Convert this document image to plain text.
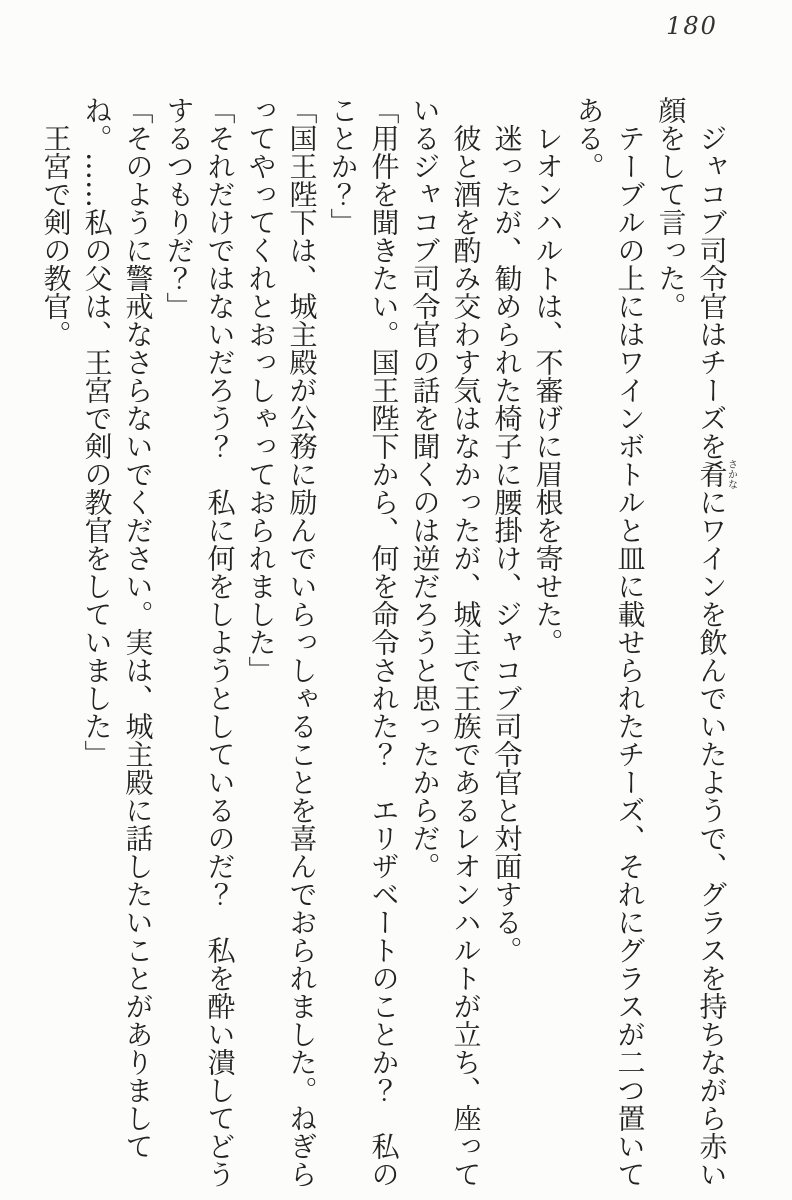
180

ジャコブ司令官はチーズを肴さかなにワインを飲んでいたようで、グラスを持ちながら赤い顔をして言った。

テーブルの上にはワインボトルと皿に載せられたチーズ、それにグラスが二つ置いてある。

レオンハルトは、不審げに眉根を寄せた。

迷ったが、勧められた椅子に腰掛け、ジャコブ司令官と対面する。

彼と酒を酌み交わす気はなかったが、城主で王族であるレオンハルトが立ち、座っているジャコブ司令官の話を聞くのは逆だろうと思ったからだ。

「用件を聞きたい。国王陛下から、何を命令された？　エリザベートのことか？　私のことか？」

「国王陛下は、城主殿が公務に励んでいらっしゃることを喜んでおられました。ねぎらってやってくれとおっしゃっておられました」

「それだけではないだろう？　私に何をしようとしているのだ？　私を酔い潰してどうするつもりだ？」

「そのように警戒なさらないでください。実は、城主殿に話したいことがありましてね。……私の父は、王宮で剣の教官をしていました」

王宮で剣の教官。
